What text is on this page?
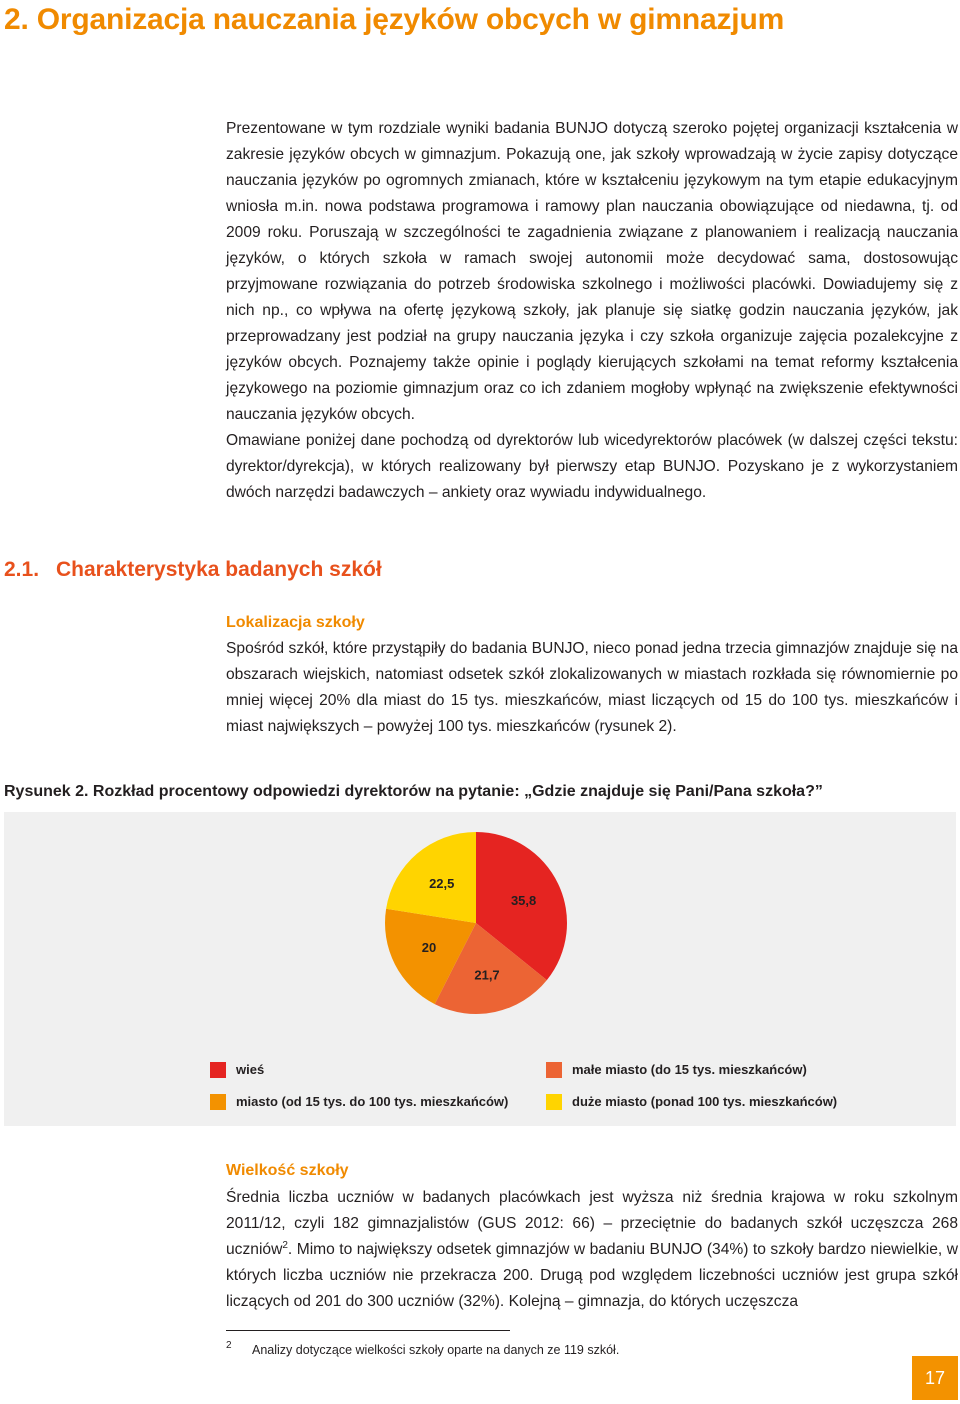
2. Organizacja nauczania języków obcych w gimnazjum

Prezentowane w tym rozdziale wyniki badania BUNJO dotyczą szeroko pojętej organizacji kształcenia w zakresie języków obcych w gimnazjum. Pokazują one, jak szkoły wprowadzają w życie zapisy dotyczące nauczania języków po ogromnych zmianach, które w kształceniu językowym na tym etapie edukacyjnym wniosła m.in. nowa podstawa programowa i ramowy plan nauczania obowiązujące od niedawna, tj. od 2009 roku. Poruszają w szczególności te zagadnienia związane z planowaniem i realizacją nauczania języków, o których szkoła w ramach swojej autonomii może decydować sama, dostosowując przyjmowane rozwiązania do potrzeb środowiska szkolnego i możliwości placówki. Dowiadujemy się z nich np., co wpływa na ofertę językową szkoły, jak planuje się siatkę godzin nauczania języków, jak przeprowadzany jest podział na grupy nauczania języka i czy szkoła organizuje zajęcia pozalekcyjne z języków obcych. Poznajemy także opinie i poglądy kierujących szkołami na temat reformy kształcenia językowego na poziomie gimnazjum oraz co ich zdaniem mogłoby wpłynąć na zwiększenie efektywności nauczania języków obcych.

Omawiane poniżej dane pochodzą od dyrektorów lub wicedyrektorów placówek (w dalszej części tekstu: dyrektor/dyrekcja), w których realizowany był pierwszy etap BUNJO. Pozyskano je z wykorzystaniem dwóch narzędzi badawczych – ankiety oraz wywiadu indywidualnego.

2.1. Charakterystyka badanych szkół
Lokalizacja szkoły

Spośród szkół, które przystąpiły do badania BUNJO, nieco ponad jedna trzecia gimnazjów znajduje się na obszarach wiejskich, natomiast odsetek szkół zlokalizowanych w miastach rozkłada się równomiernie po mniej więcej 20% dla miast do 15 tys. mieszkańców, miast liczących od 15 do 100 tys. mieszkańców i miast największych – powyżej 100 tys. mieszkańców (rysunek 2).

Rysunek 2. Rozkład procentowy odpowiedzi dyrektorów na pytanie: „Gdzie znajduje się Pani/Pana szkoła?”
35,8
21,7
20
22,5
wieś	małe miasto (do 15 tys. mieszkańców)
miasto (od 15 tys. do 100 tys. mieszkańców)	duże miasto (ponad 100 tys. mieszkańców)
Wielkość szkoły

Średnia liczba uczniów w badanych placówkach jest wyższa niż średnia krajowa w roku szkolnym 2011/12, czyli 182 gimnazjalistów (GUS 2012: 66) – przeciętnie do badanych szkół uczęszcza 268 uczniów$^2$. Mimo to największy odsetek gimnazjów w badaniu BUNJO (34%) to szkoły bardzo niewielkie, w których liczba uczniów nie przekracza 200. Drugą pod względem liczebności uczniów jest grupa szkół liczących od 201 do 300 uczniów (32%). Kolejną – gimnazja, do których uczęszcza

2 Analizy dotyczące wielkości szkoły oparte na danych ze 119 szkół.
17
